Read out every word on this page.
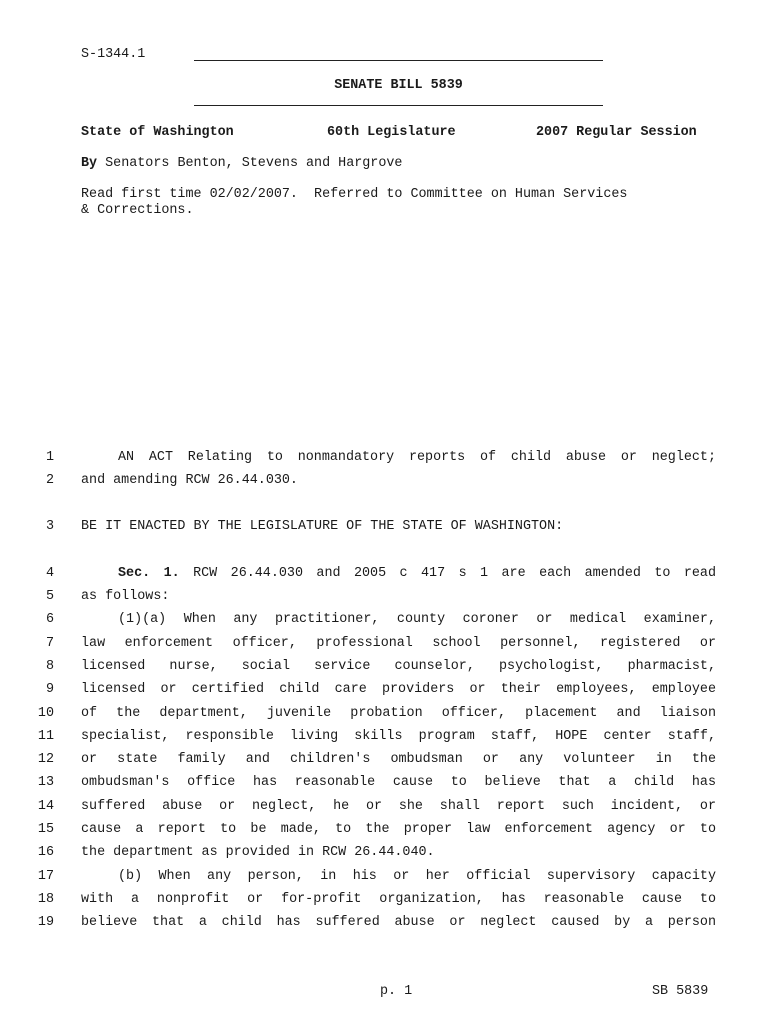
S-1344.1
SENATE BILL 5839
State of Washington	60th Legislature	2007 Regular Session
By Senators Benton, Stevens and Hargrove
Read first time 02/02/2007.  Referred to Committee on Human Services
& Corrections.
1	AN ACT Relating to nonmandatory reports of child abuse or neglect;
2 and amending RCW 26.44.030.
3 BE IT ENACTED BY THE LEGISLATURE OF THE STATE OF WASHINGTON:
4	Sec. 1. RCW 26.44.030 and 2005 c 417 s 1 are each amended to read
5 as follows:
6	(1)(a) When any practitioner, county coroner or medical examiner,
7 law enforcement officer, professional school personnel, registered or
8 licensed nurse, social service counselor, psychologist, pharmacist,
9 licensed or certified child care providers or their employees, employee
10 of the department, juvenile probation officer, placement and liaison
11 specialist, responsible living skills program staff, HOPE center staff,
12 or state family and children's ombudsman or any volunteer in the
13 ombudsman's office has reasonable cause to believe that a child has
14 suffered abuse or neglect, he or she shall report such incident, or
15 cause a report to be made, to the proper law enforcement agency or to
16 the department as provided in RCW 26.44.040.
17	(b) When any person, in his or her official supervisory capacity
18 with a nonprofit or for-profit organization, has reasonable cause to
19 believe that a child has suffered abuse or neglect caused by a person
p. 1	SB 5839
